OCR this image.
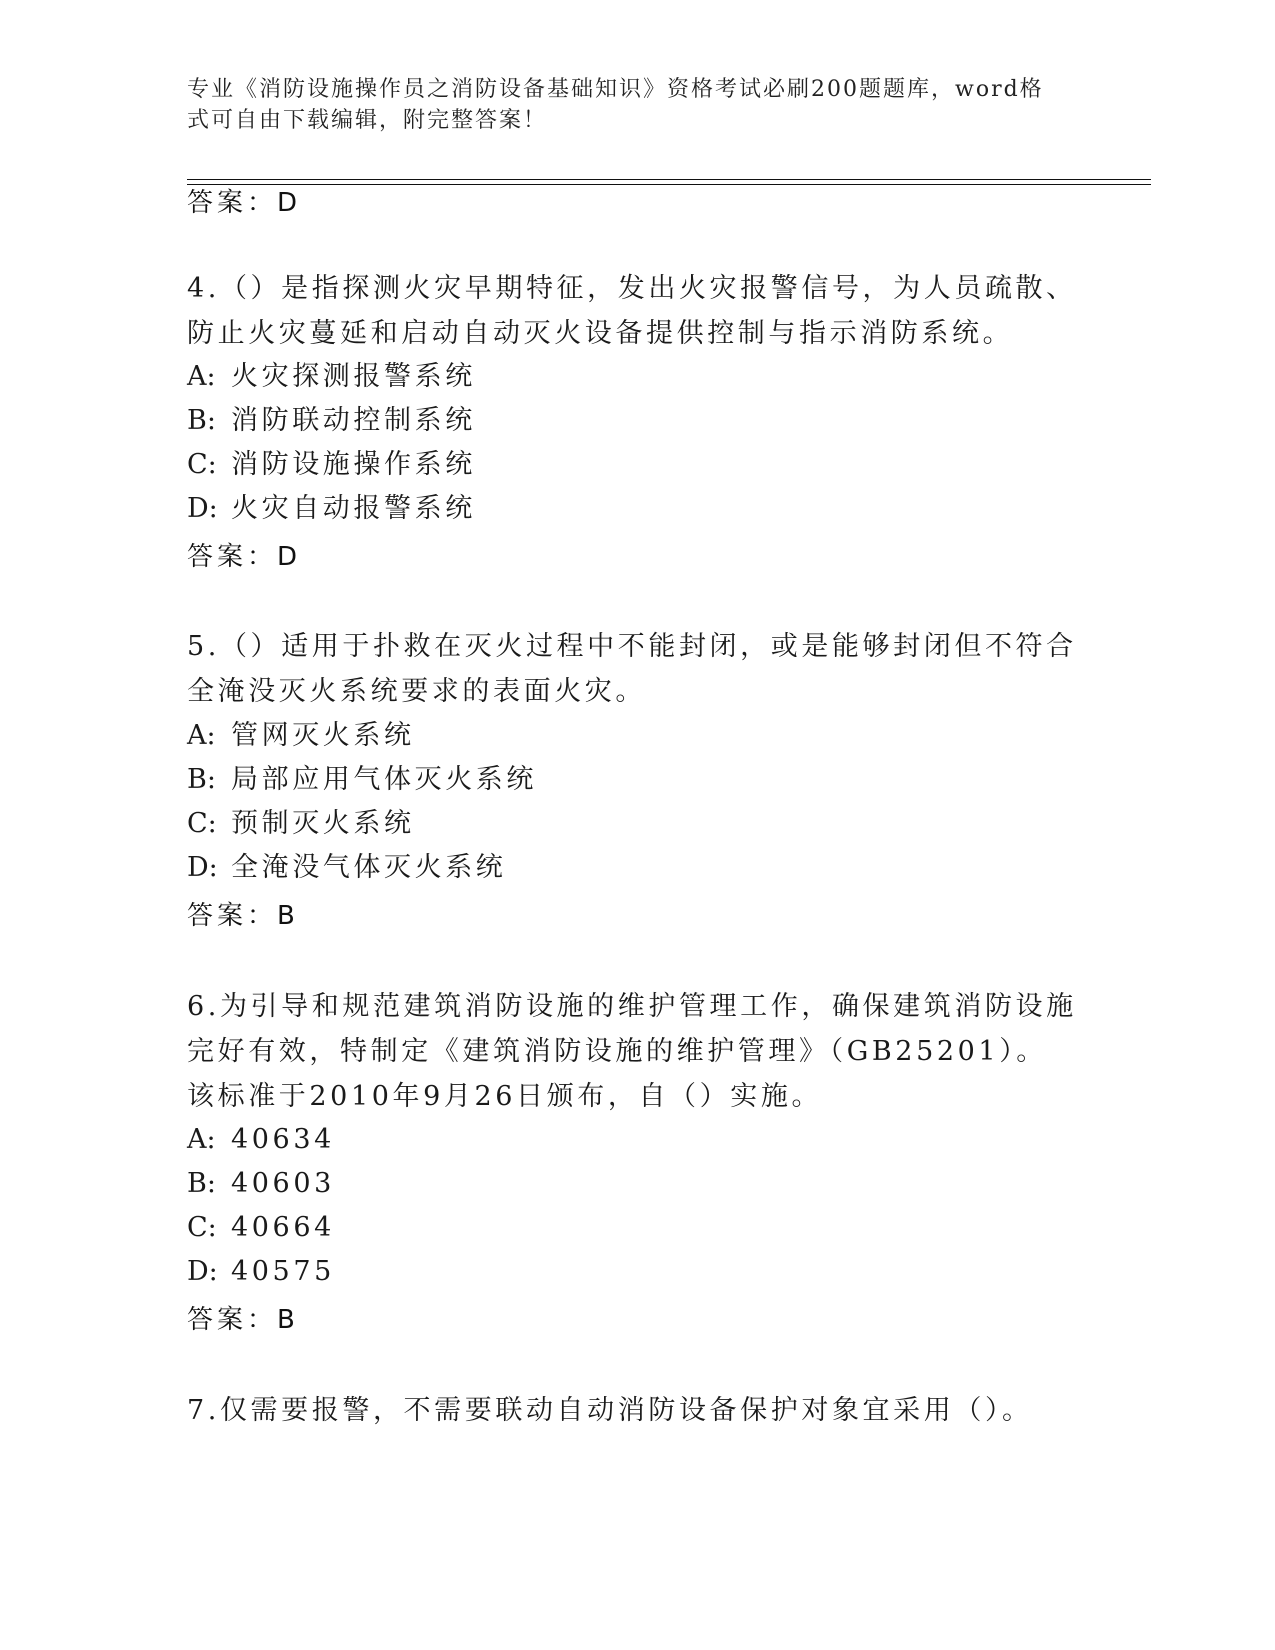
专业《消防设施操作员之消防设备基础知识》资格考试必刷200题题库，word格式可自由下载编辑，附完整答案！
答案：D
4.（）是指探测火灾早期特征，发出火灾报警信号，为人员疏散、防止火灾蔓延和启动自动灭火设备提供控制与指示消防系统。
A: 火灾探测报警系统
B: 消防联动控制系统
C: 消防设施操作系统
D: 火灾自动报警系统
答案：D
5.（）适用于扑救在灭火过程中不能封闭，或是能够封闭但不符合全淹没灭火系统要求的表面火灾。
A: 管网灭火系统
B: 局部应用气体灭火系统
C: 预制灭火系统
D: 全淹没气体灭火系统
答案：B
6.为引导和规范建筑消防设施的维护管理工作，确保建筑消防设施完好有效，特制定《建筑消防设施的维护管理》（GB25201）。该标准于2010年9月26日颁布，自（）实施。
A: 40634
B: 40603
C: 40664
D: 40575
答案：B
7.仅需要报警，不需要联动自动消防设备保护对象宜采用（）。
